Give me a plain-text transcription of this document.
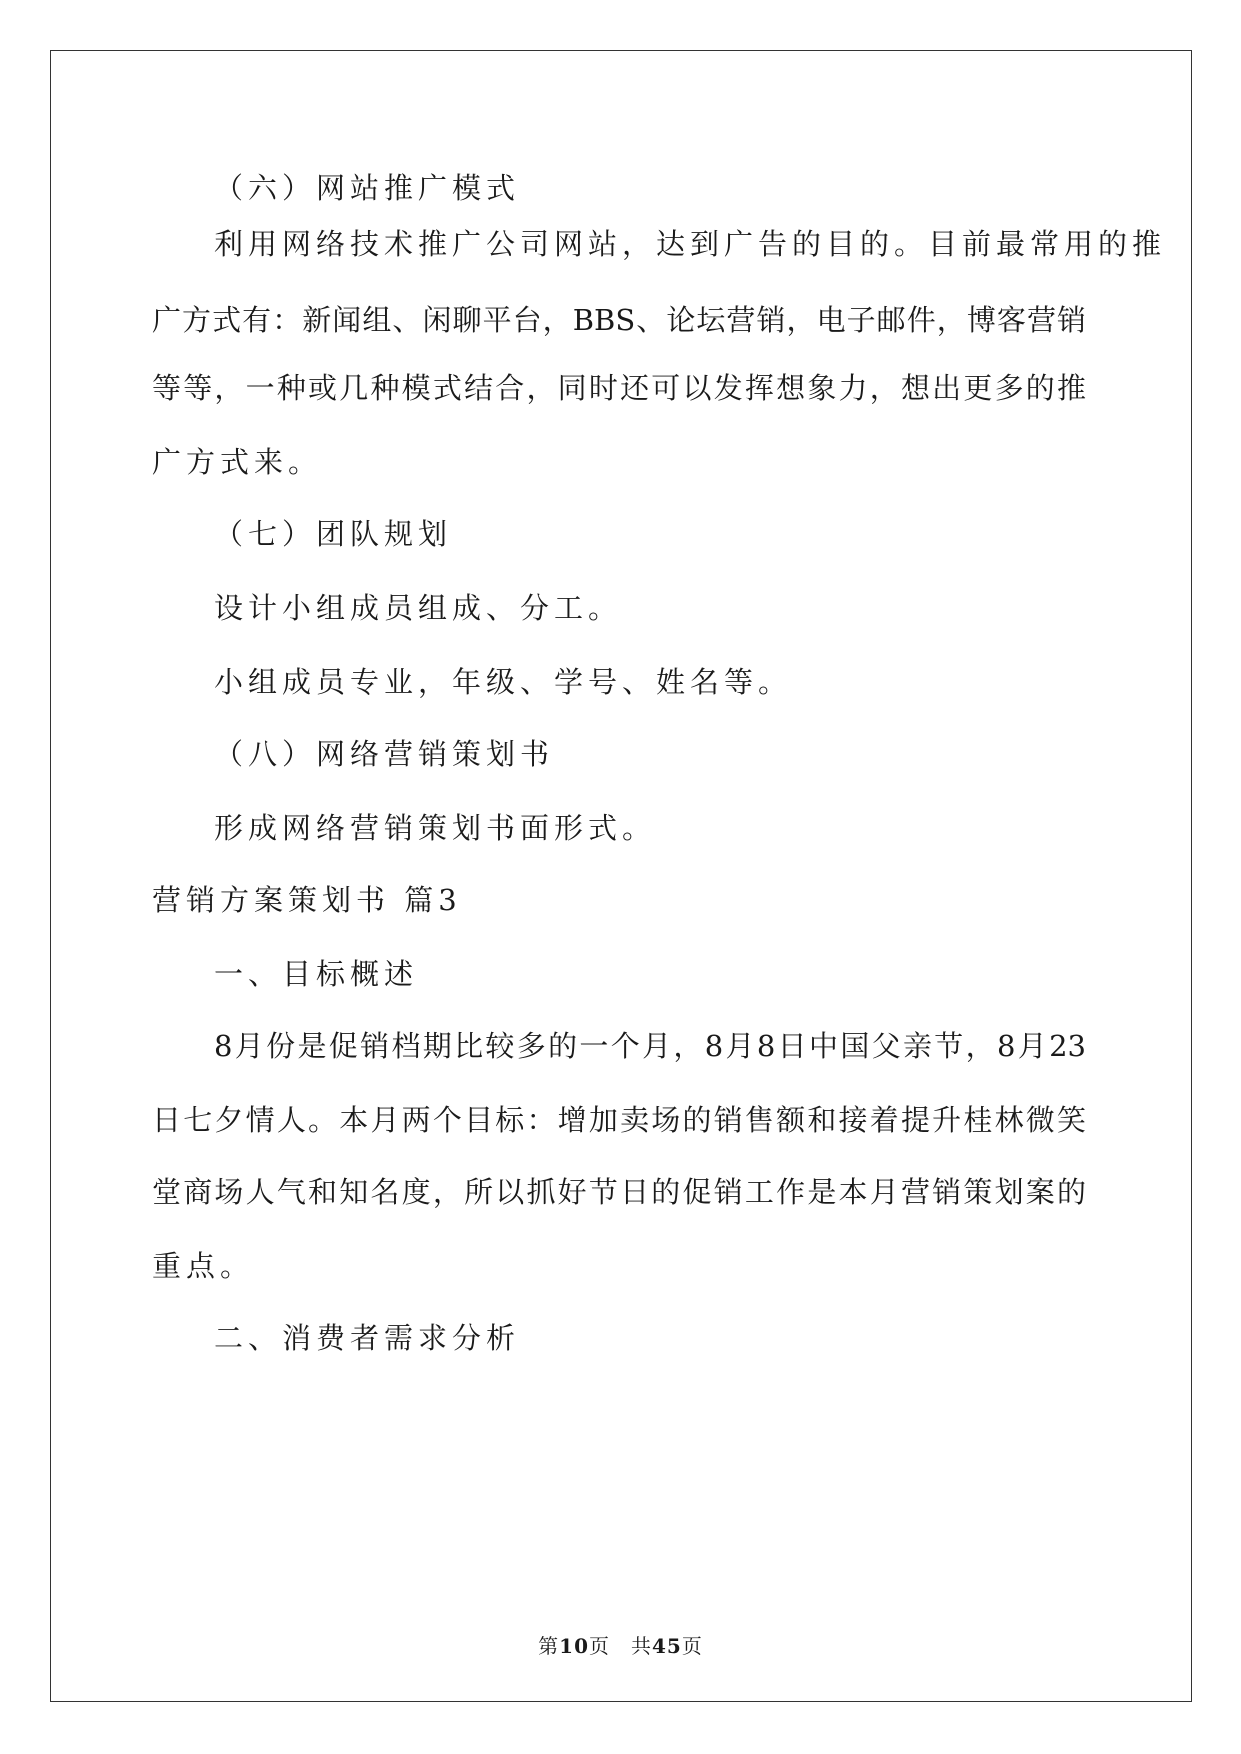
（六）网站推广模式
利用网络技术推广公司网站，达到广告的目的。目前最常用的推
广方式有：新闻组、闲聊平台，BBS、论坛营销，电子邮件，博客营销
等等，一种或几种模式结合，同时还可以发挥想象力，想出更多的推
广方式来。
（七）团队规划
设计小组成员组成、分工。
小组成员专业，年级、学号、姓名等。
（八）网络营销策划书
形成网络营销策划书面形式。
营销方案策划书 篇3
一、目标概述
8月份是促销档期比较多的一个月，8月8日中国父亲节，8月23
日七夕情人。本月两个目标：增加卖场的销售额和接着提升桂林微笑
堂商场人气和知名度，所以抓好节日的促销工作是本月营销策划案的
重点。
二、消费者需求分析
第10页　共45页
